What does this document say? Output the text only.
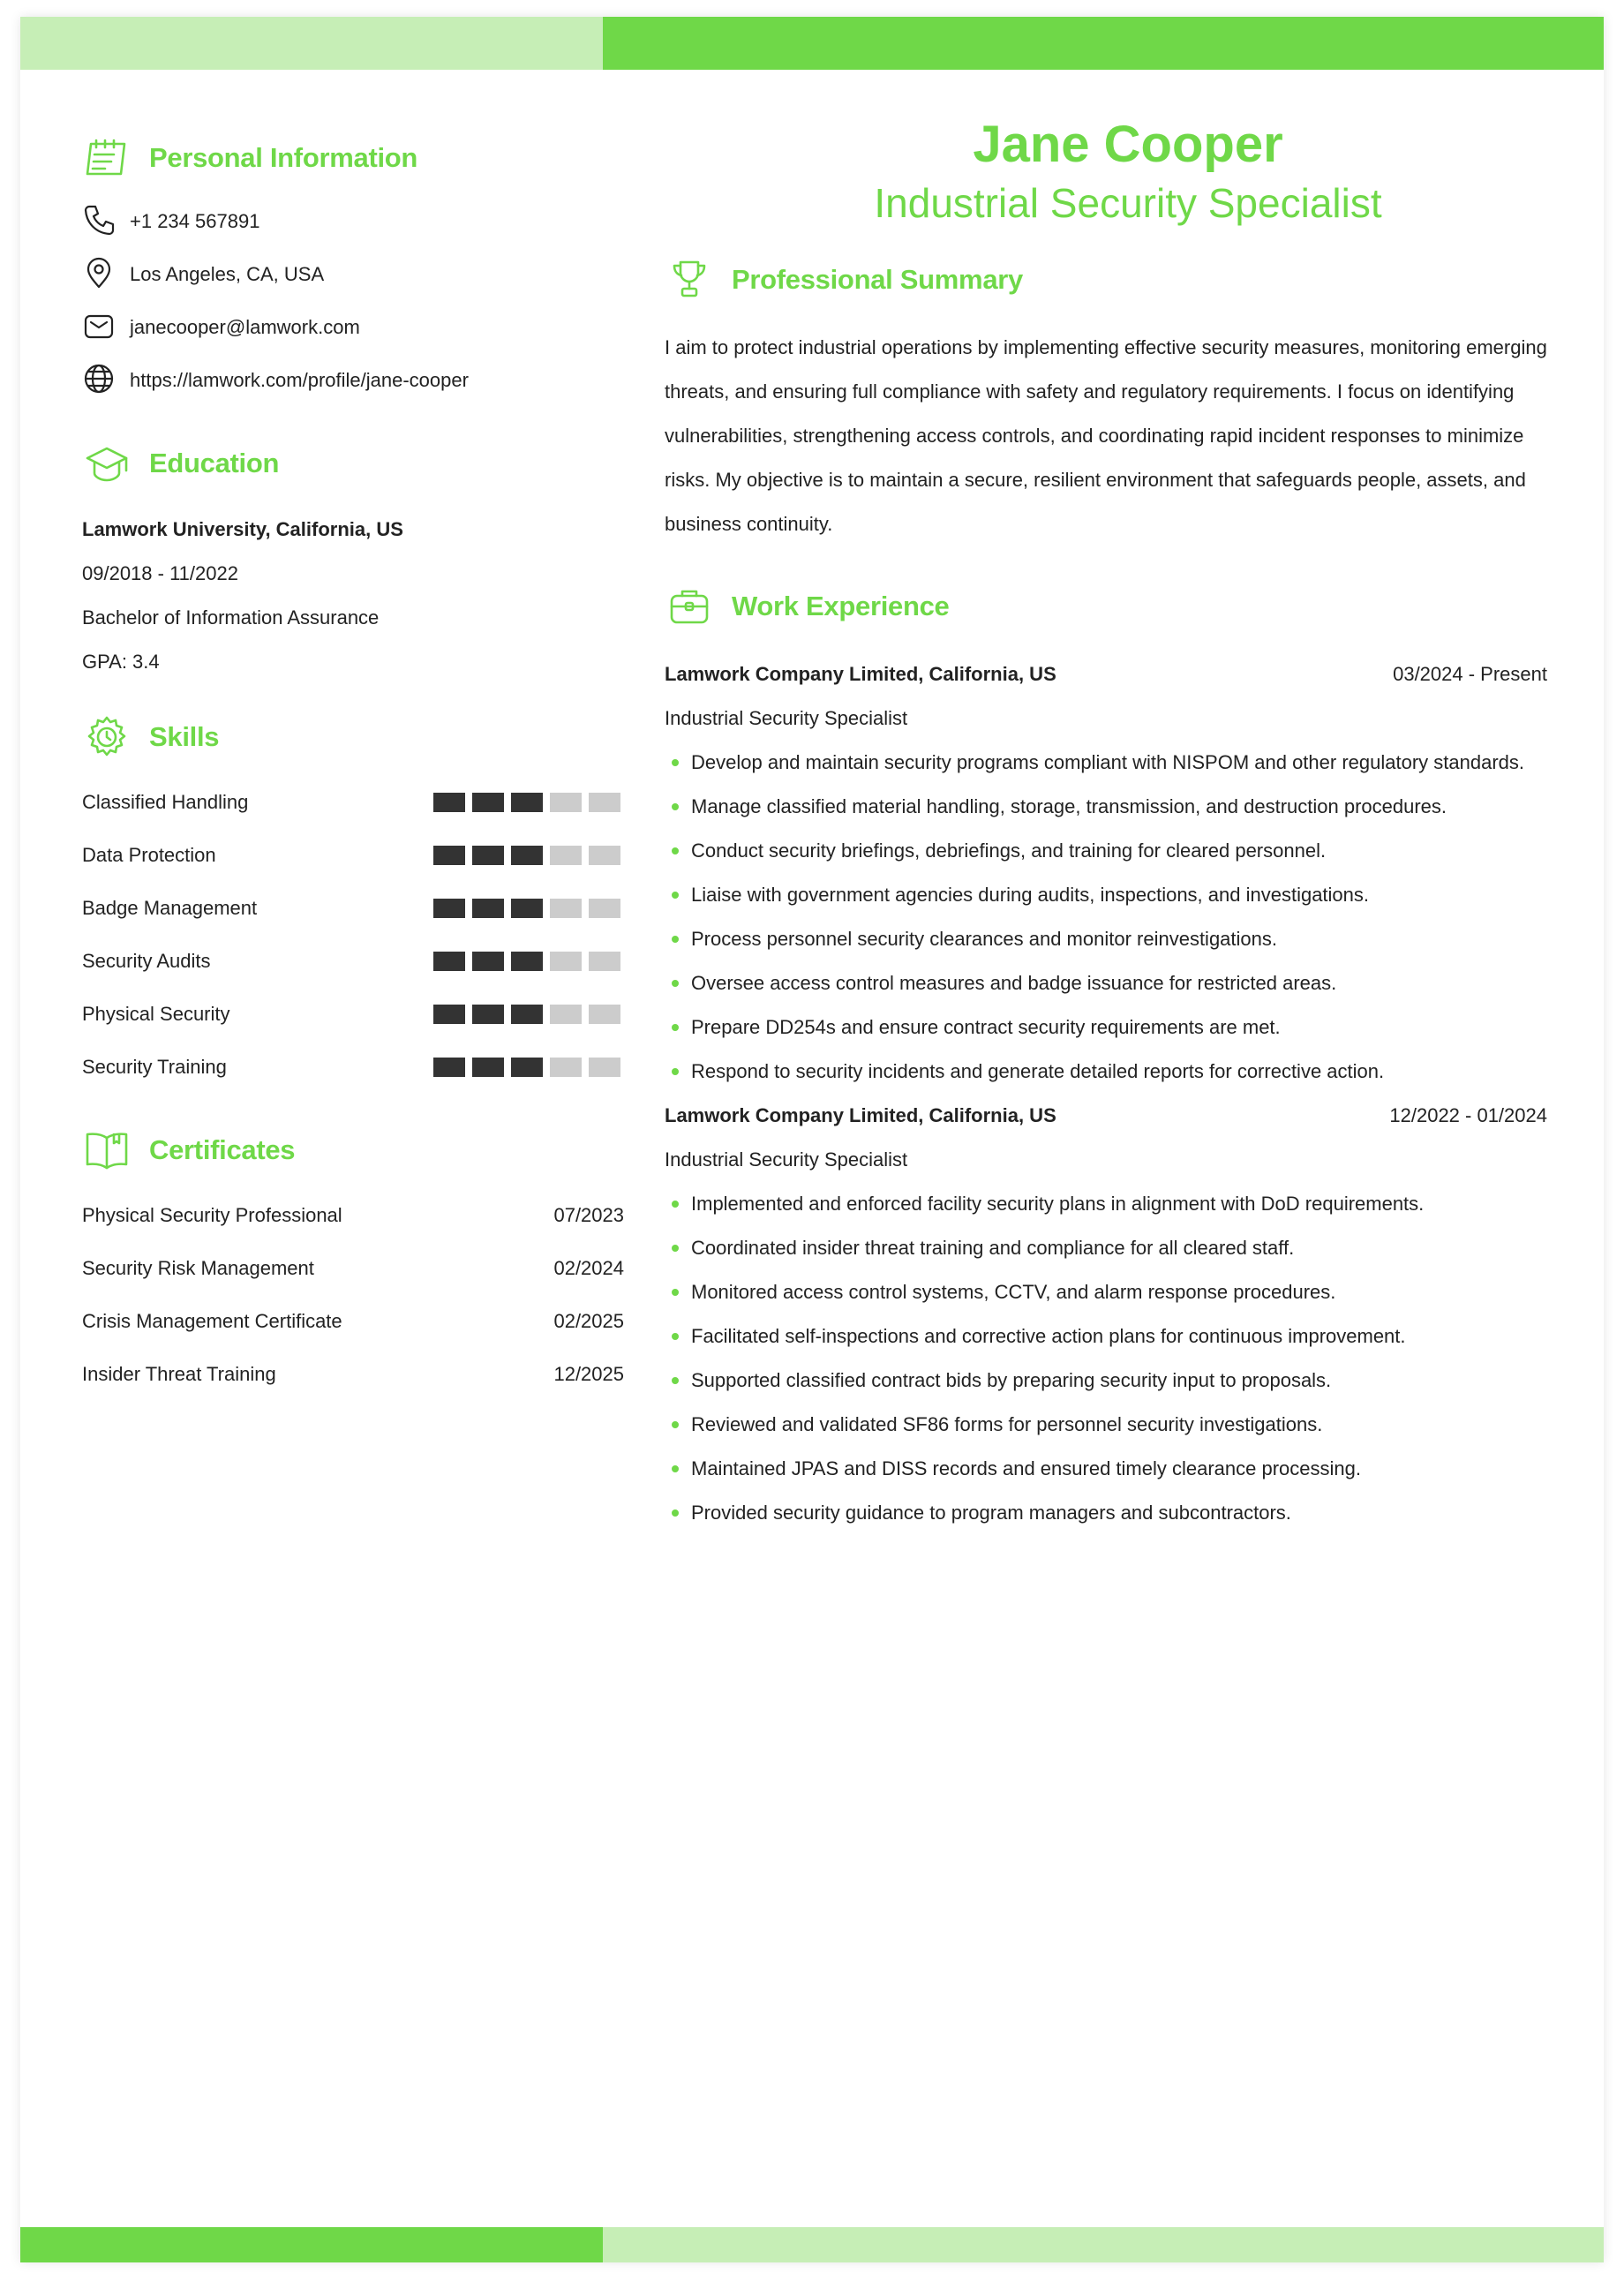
Personal Information
+1 234 567891
Los Angeles, CA, USA
janecooper@lamwork.com
https://lamwork.com/profile/jane-cooper
Education
Lamwork University, California, US
09/2018 - 11/2022
Bachelor of Information Assurance
GPA: 3.4
Skills
Classified Handling
Data Protection
Badge Management
Security Audits
Physical Security
Security Training
Certificates
Physical Security Professional	07/2023
Security Risk Management	02/2024
Crisis Management Certificate	02/2025
Insider Threat Training	12/2025
Jane Cooper
Industrial Security Specialist
Professional Summary
I aim to protect industrial operations by implementing effective security measures, monitoring emerging threats, and ensuring full compliance with safety and regulatory requirements. I focus on identifying vulnerabilities, strengthening access controls, and coordinating rapid incident responses to minimize risks. My objective is to maintain a secure, resilient environment that safeguards people, assets, and business continuity.
Work Experience
Lamwork Company Limited, California, US	03/2024 - Present
Industrial Security Specialist
Develop and maintain security programs compliant with NISPOM and other regulatory standards.
Manage classified material handling, storage, transmission, and destruction procedures.
Conduct security briefings, debriefings, and training for cleared personnel.
Liaise with government agencies during audits, inspections, and investigations.
Process personnel security clearances and monitor reinvestigations.
Oversee access control measures and badge issuance for restricted areas.
Prepare DD254s and ensure contract security requirements are met.
Respond to security incidents and generate detailed reports for corrective action.
Lamwork Company Limited, California, US	12/2022 - 01/2024
Industrial Security Specialist
Implemented and enforced facility security plans in alignment with DoD requirements.
Coordinated insider threat training and compliance for all cleared staff.
Monitored access control systems, CCTV, and alarm response procedures.
Facilitated self-inspections and corrective action plans for continuous improvement.
Supported classified contract bids by preparing security input to proposals.
Reviewed and validated SF86 forms for personnel security investigations.
Maintained JPAS and DISS records and ensured timely clearance processing.
Provided security guidance to program managers and subcontractors.
